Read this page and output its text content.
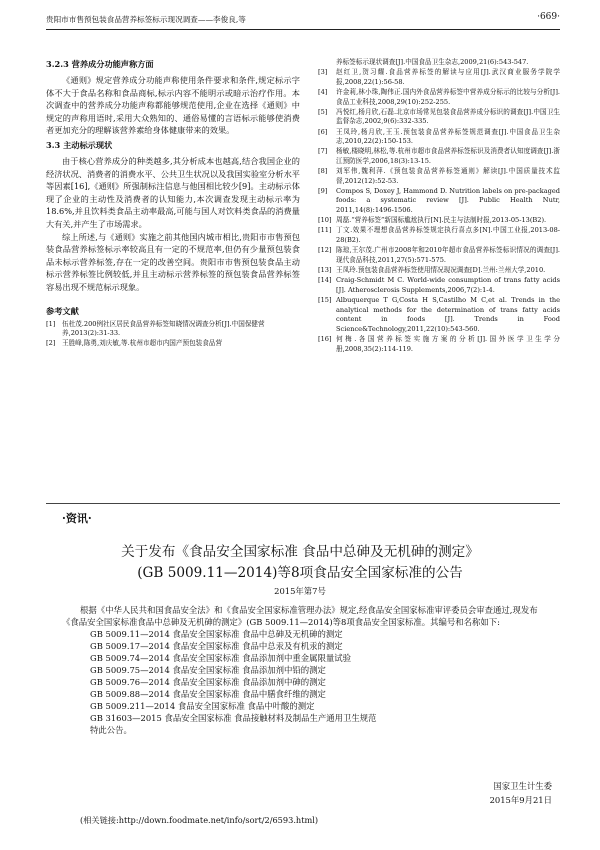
贵阳市市售预包装食品营养标签标示现况调查——李俊良,等	·669·
3.2.3 营养成分功能声称方面

《通则》规定营养成分功能声称使用条件要求和条件,规定标示字体不大于食品名称和食品商标,标示内容不能明示或暗示治疗作用。本次调查中的营养成分功能声称都能够规范使用,企业在选择《通则》中规定的声称用语时,采用大众熟知的、通俗易懂的言语标示能够使消费者更加充分的理解该营养素给身体健康带来的效果。

3.3 主动标示现状

由于核心营养成分的种类越多,其分析成本也越高,结合我国企业的经济状况、消费者的消费水平、公共卫生状况以及我国实验室分析水平等因素[16],《通则》所强制标注信息与他国相比较少[9]。主动标示体现了企业的主动性及消费者的认知能力,本次调查发现主动标示率为18.6%,并且饮料类食品主动率最高,可能与国人对饮料类食品的消费量大有关,并产生了市场需求。

综上所述,与《通则》实施之前其他国内城市相比,贵阳市市售预包装食品营养标签标示率较高且有一定的不规范率,但仍有少量预包装食品未标示营养标签,存在一定的改善空间。贵阳市市售预包装食品主动标示营养标签比例较低,并且主动标示营养标签的预包装食品营养标签容易出现不规范标示现象。

参考文献
[1]	伍杜茂.200例社区居民食品营养标签知晓情况调查分析[J].中国保健营养,2013(2):31-33.
[2]	王胜峰,陈勇,刘庆敏,等.杭州市超市内国产预包装食品营
养标签标示现状调查[J].中国食品卫生杂志,2009,21(6):543-547.
[3]	赵红卫,贺习耀.食品营养标签的解读与应用[J].武汉商业服务学院学报,2008,22(1):56-58.
[4]	许金莉,林小珠,陶伟正.国内外食品营养标签中营养成分标示的比较与分析[J].食品工业科技,2008,29(10):252-255.
[5]	冯悦红,杨月欣,石磊.北京市场常见包装食品营养成分标识的调查[J].中国卫生监督杂志,2002,9(6):332-335.
[6]	王凤玲,杨月欣,王玉.预包装食品营养标签规范调查[J].中国食品卫生杂志,2010,22(2):150-153.
[7]	杨敏,楼晓明,林松,等.杭州市超市食品营养标签标识及消费者认知度调查[J].浙江预防医学,2006,18(3):13-15.
[8]	刘军伟,魏利萍.《预包装食品营养标签通则》解读[J].中国质量技术监督,2012(12):52-53.
[9]	Cσmpos S, Doxey J, Hammond D. Nutrition labels on pre-packaged foods: a systematic review [J]. Public Health Nutr, 2011,14(8):1496-1506.
[10] 周磊.“营养标签”新国标尴尬执行[N].民主与法制时报,2013-05-13(B2).
[11] 丁文.效果不理想食品营养标签规定执行喜点多[N].中国工业报,2013-08-28(B2).
[12] 陈琼,王尔茂.广州市2008年和2010年超市食品营养标签标识情况的调查[J].现代食品科技,2011,27(5):571-575.
[13] 王凤玲.预包装食品营养标签使用情况现况调查[D].兰州:兰州大学,2010.
[14] Craig-Schmidt M C. World-wide consumption of trans fatty acids [J]. Atherosclerosis Supplements,2006,7(2):1-4.
[15] Albuquerque T G,Costa H S,Castilho M C,et al. Trends in the analytical methods for the determination of trans fatty acids content in foods [J]. Trends in Food Science&Technology,2011,22(10):543-560.
[16] 何梅.各国营养标签实施方案的分析[J].国外医学卫生学分册,2008,35(2):114-119.
·资讯·
关于发布《食品安全国家标准 食品中总砷及无机砷的测定》
(GB 5009.11—2014)等8项食品安全国家标准的公告
2015年第7号

根据《中华人民共和国食品安全法》和《食品安全国家标准管理办法》规定,经食品安全国家标准审评委员会审查通过,现发布《食品安全国家标准食品中总砷及无机砷的测定》(GB 5009.11—2014)等8项食品安全国家标准。其编号和名称如下:

GB 5009.11—2014 食品安全国家标准 食品中总砷及无机砷的测定
GB 5009.17—2014 食品安全国家标准 食品中总汞及有机汞的测定
GB 5009.74—2014 食品安全国家标准 食品添加剂中重金属限量试验
GB 5009.75—2014 食品安全国家标准 食品添加剂中铅的测定
GB 5009.76—2014 食品安全国家标准 食品添加剂中砷的测定
GB 5009.88—2014 食品安全国家标准 食品中膳食纤维的测定
GB 5009.211—2014 食品安全国家标准 食品中叶酸的测定
GB 31603—2015 食品安全国家标准 食品接触材料及制品生产通用卫生规范
特此公告。
国家卫生计生委
2015年9月21日
(相关链接:http://down.foodmate.net/info/sort/2/6593.html)
